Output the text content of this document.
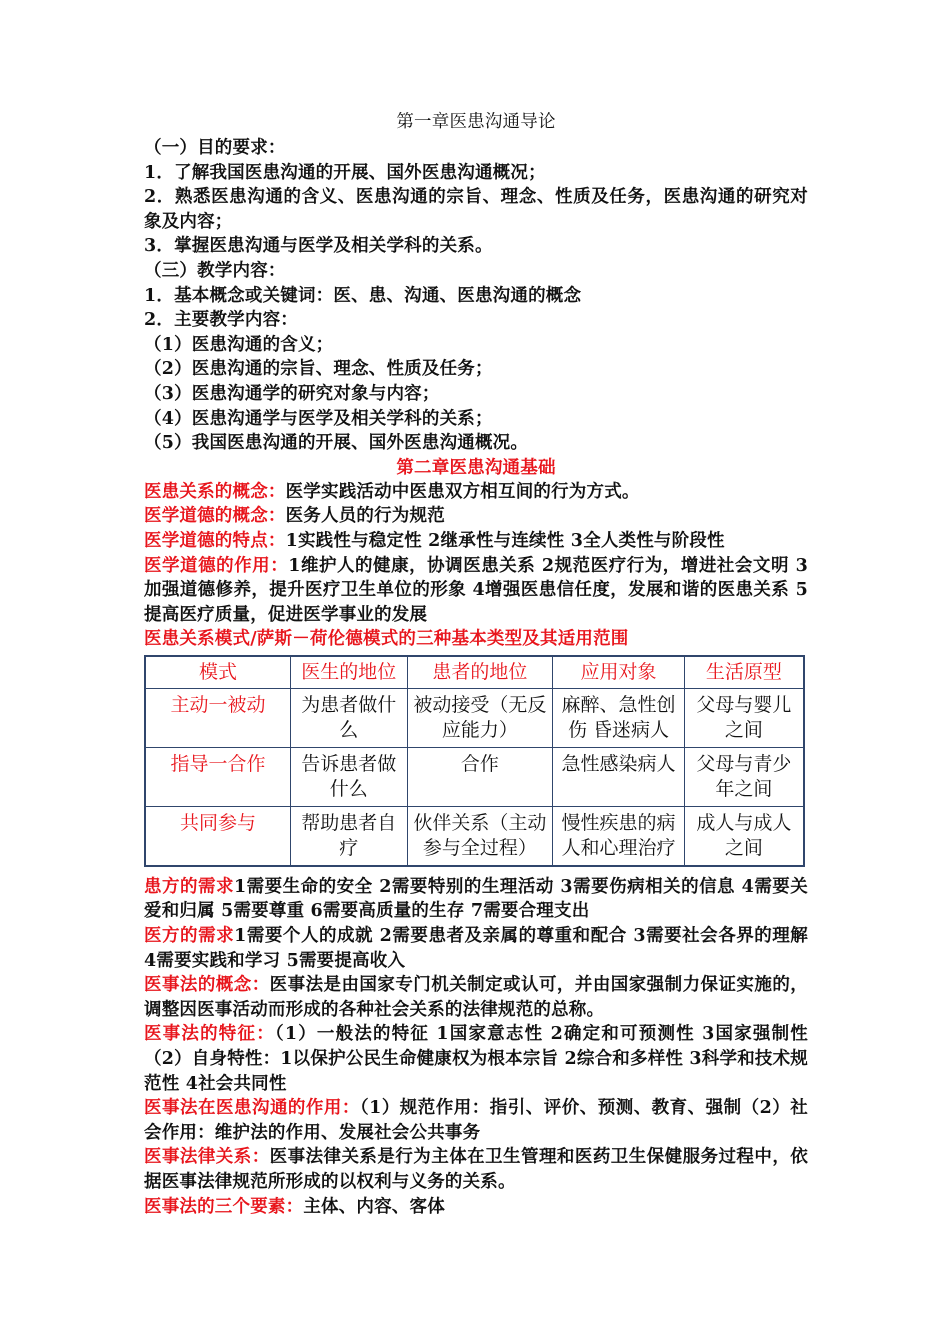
第一章医患沟通导论
（一）目的要求：
1．了解我国医患沟通的开展、国外医患沟通概况；
2．熟悉医患沟通的含义、医患沟通的宗旨、理念、性质及任务，医患沟通的研究对象及内容；
3．掌握医患沟通与医学及相关学科的关系。
（三）教学内容：
1．基本概念或关键词：医、患、沟通、医患沟通的概念
2．主要教学内容：
（1）医患沟通的含义；
（2）医患沟通的宗旨、理念、性质及任务；
（3）医患沟通学的研究对象与内容；
（4）医患沟通学与医学及相关学科的关系；
（5）我国医患沟通的开展、国外医患沟通概况。
第二章医患沟通基础
医患关系的概念：医学实践活动中医患双方相互间的行为方式。
医学道德的概念：医务人员的行为规范
医学道德的特点：1实践性与稳定性 2继承性与连续性 3全人类性与阶段性
医学道德的作用：1维护人的健康，协调医患关系 2规范医疗行为，增进社会文明 3加强道德修养，提升医疗卫生单位的形象 4增强医患信任度，发展和谐的医患关系 5提高医疗质量，促进医学事业的发展
医患关系模式/萨斯－荷伦德模式的三种基本类型及其适用范围
模式	医生的地位	患者的地位	应用对象	生活原型
主动一被动	为患者做什么	被动接受（无反应能力）	麻醉、急性创伤 昏迷病人	父母与婴儿之间
指导一合作	告诉患者做什么	合作	急性感染病人	父母与青少年之间
共同参与	帮助患者自疗	伙伴关系（主动参与全过程）	慢性疾患的病人和心理治疗	成人与成人之间
患方的需求1需要生命的安全 2需要特别的生理活动 3需要伤病相关的信息 4需要关爱和归属 5需要尊重 6需要高质量的生存 7需要合理支出
医方的需求1需要个人的成就 2需要患者及亲属的尊重和配合 3需要社会各界的理解 4需要实践和学习 5需要提高收入
医事法的概念：医事法是由国家专门机关制定或认可，并由国家强制力保证实施的，调整因医事活动而形成的各种社会关系的法律规范的总称。
医事法的特征：（1）一般法的特征 1国家意志性 2确定和可预测性 3国家强制性（2）自身特性：1以保护公民生命健康权为根本宗旨 2综合和多样性 3科学和技术规范性 4社会共同性
医事法在医患沟通的作用：（1）规范作用：指引、评价、预测、教育、强制（2）社会作用：维护法的作用、发展社会公共事务
医事法律关系：医事法律关系是行为主体在卫生管理和医药卫生保健服务过程中，依据医事法律规范所形成的以权利与义务的关系。
医事法的三个要素：主体、内容、客体
